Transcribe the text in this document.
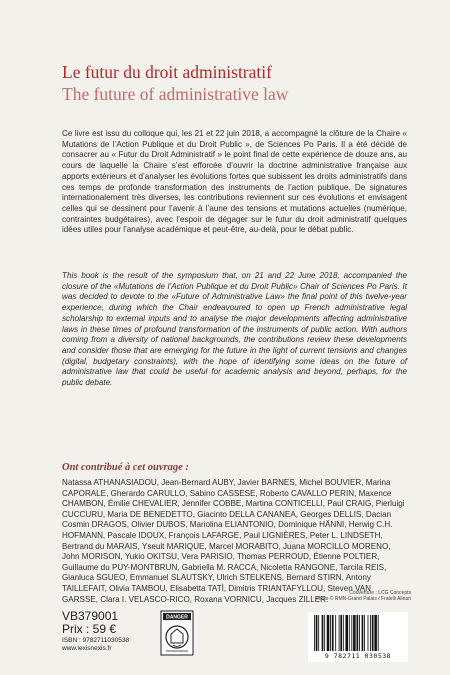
Le futur du droit administratif
The future of administrative law
Ce livre est issu du colloque qui, les 21 et 22 juin 2018, a accompagné la clôture de la Chaire « Mutations de l’Action Publique et du Droit Public », de Sciences Po Paris. Il a été décidé de consacrer au « Futur du Droit Administratif » le point final de cette expérience de douze ans, au cours de laquelle la Chaire s’est efforcée d’ouvrir la doctrine administrative française aux apports extérieurs et d’analyser les évolutions fortes que subissent les droits administratifs dans ces temps de profonde transformation des instruments de l’action publique. De signatures internationalement très diverses, les contributions reviennent sur ces évolutions et envisagent celles qui se dessinent pour l’avenir à l’aune des tensions et mutations actuelles (numérique, contraintes budgétaires), avec l’espoir de dégager sur le futur du droit administratif quelques idées utiles pour l’analyse académique et peut-être, au-delà, pour le débat public.
This book is the result of the symposium that, on 21 and 22 June 2018, accompanied the closure of the «Mutations de l’Action Publique et du Droit Public» Chair of Sciences Po Paris. It was decided to devote to the «Future of Administrative Law» the final point of this twelve-year experience, during which the Chair endeavoured to open up French administrative legal scholarship to external inputs and to analyse the major developments affecting administrative laws in these times of profound transformation of the instruments of public action. With authors coming from a diversity of national backgrounds, the contributions review these developments and consider those that are emerging for the future in the light of current tensions and changes (digital, budgetary constraints), with the hope of identifying some ideas on the future of administrative law that could be useful for academic analysis and beyond, perhaps, for the public debate.
Ont contribué à cet ouvrage :
Natassa ATHANASIADOU, Jean-Bernard AUBY, Javier BARNES, Michel BOUVIER, Marina CAPORALE, Gherardo CARULLO, Sabino CASSESE, Roberto CAVALLO PERIN, Maxence CHAMBON, Émilie CHEVALIER, Jennifer COBBE, Martina CONTICELLI, Paul CRAIG, Pierluigi CUCCURU, Maria DE BENEDETTO, Giacinto DELLA CANANEA, Georges DELLIS, Dacian Cosmin DRAGOS, Olivier DUBOS, Mariolina ELIANTONIO, Dominique HÄNNI, Herwig C.H. HOFMANN, Pascale IDOUX, François LAFARGE, Paul LIGNIÈRES, Peter L. LINDSETH, Bertrand du MARAIS, Yseult MARIQUE, Marcel MORABITO, Juana MORCILLO MORENO, John MORISON, Yukio OKITSU, Vera PARISIO, Thomas PERROUD, Étienne POLTIER, Guillaume du PUY-MONTBRUN, Gabriella M. RACCA, Nicoletta RANGONE, Tarcila REIS, Gianluca SGUEO, Emmanuel SLAUTSKY, Ulrich STELKENS, Bernard STIRN, Antony TAILLEFAIT, Olivia TAMBOU, Elisabetta TATÌ, Dimitris TRIANTAFYLLOU, Steven VAN GARSSE, Clara I. VELASCO-RICO, Roxana VORNICU, Jacques ZILLER.
VB379001
Prix : 59 €
ISBN : 9782711030538
www.lexisnexis.fr
DANGER
Couverture : LCG Concepts
Photo © RMN-Grand Palais / Fratelli Alinari
9 782711 030538
